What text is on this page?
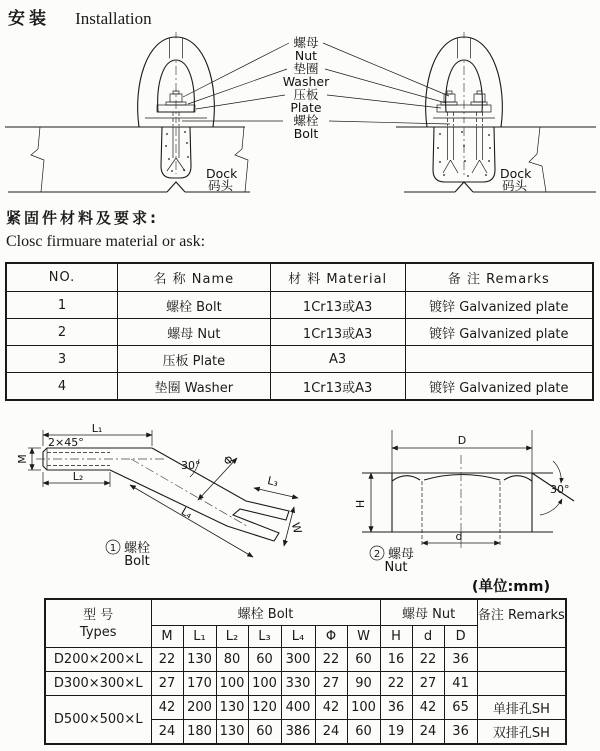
安装 Installation
Dock
码头
Dock
码头
螺母
Nut
垫圈
Washer
压板
Plate
螺栓
Bolt
紧固件材料及要求:
Closc firmuare material or ask:
NO.	名 称 Name	材 料 Material	备 注 Remarks
1	螺栓 Bolt	1Cr13或A3	镀锌 Galvanized plate
2	螺母 Nut	1Cr13或A3	镀锌 Galvanized plate
3	压板 Plate	A3	
4	垫圈 Washer	1Cr13或A3	镀锌 Galvanized plate
L₁
2×45°
M
L₂
30° Φ
L₃
L₄
W
1 螺栓
Bolt
D
30°
H
d
2 螺母
Nut
(单位:mm)
型 号
Types	螺栓 Bolt							螺母 Nut			备注 Remarks
	M	L₁	L₂	L₃	L₄	Φ	W	H	d	D	
D200×200×L	22	130	80	60	300	22	60	16	22	36	
D300×300×L	27	170	100	100	330	27	90	22	27	41	
D500×500×L	42	200	130	120	400	42	100	36	42	65	单排孔SH
	24	180	130	60	386	24	60	19	24	36	双排孔SH
